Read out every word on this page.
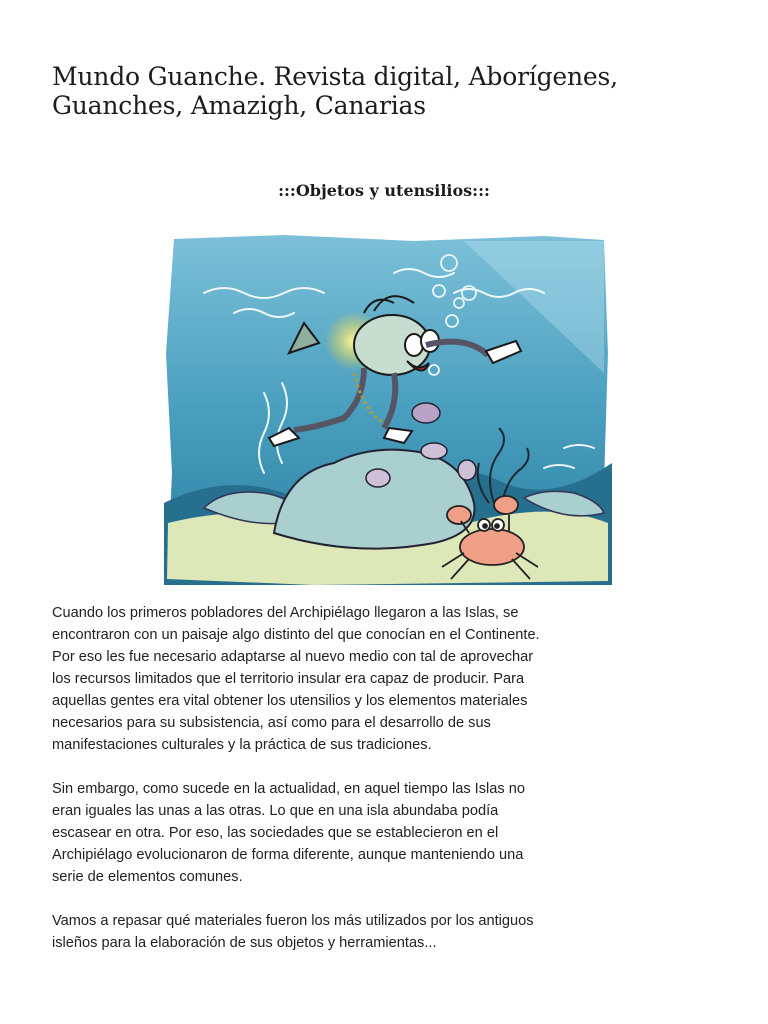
Mundo Guanche. Revista digital, Aborígenes, Guanches, Amazigh, Canarias
:::Objetos y utensilios:::

Cuando los primeros pobladores del Archipiélago llegaron a las Islas, se encontraron con un paisaje algo distinto del que conocían en el Continente. Por eso les fue necesario adaptarse al nuevo medio con tal de aprovechar los recursos limitados que el territorio insular era capaz de producir. Para aquellas gentes era vital obtener los utensilios y los elementos materiales necesarios para su subsistencia, así como para el desarrollo de sus manifestaciones culturales y la práctica de sus tradiciones.

Sin embargo, como sucede en la actualidad, en aquel tiempo las Islas no eran iguales las unas a las otras. Lo que en una isla abundaba podía escasear en otra. Por eso, las sociedades que se establecieron en el Archipiélago evolucionaron de forma diferente, aunque manteniendo una serie de elementos comunes.

Vamos a repasar qué materiales fueron los más utilizados por los antiguos isleños para la elaboración de sus objetos y herramientas...
